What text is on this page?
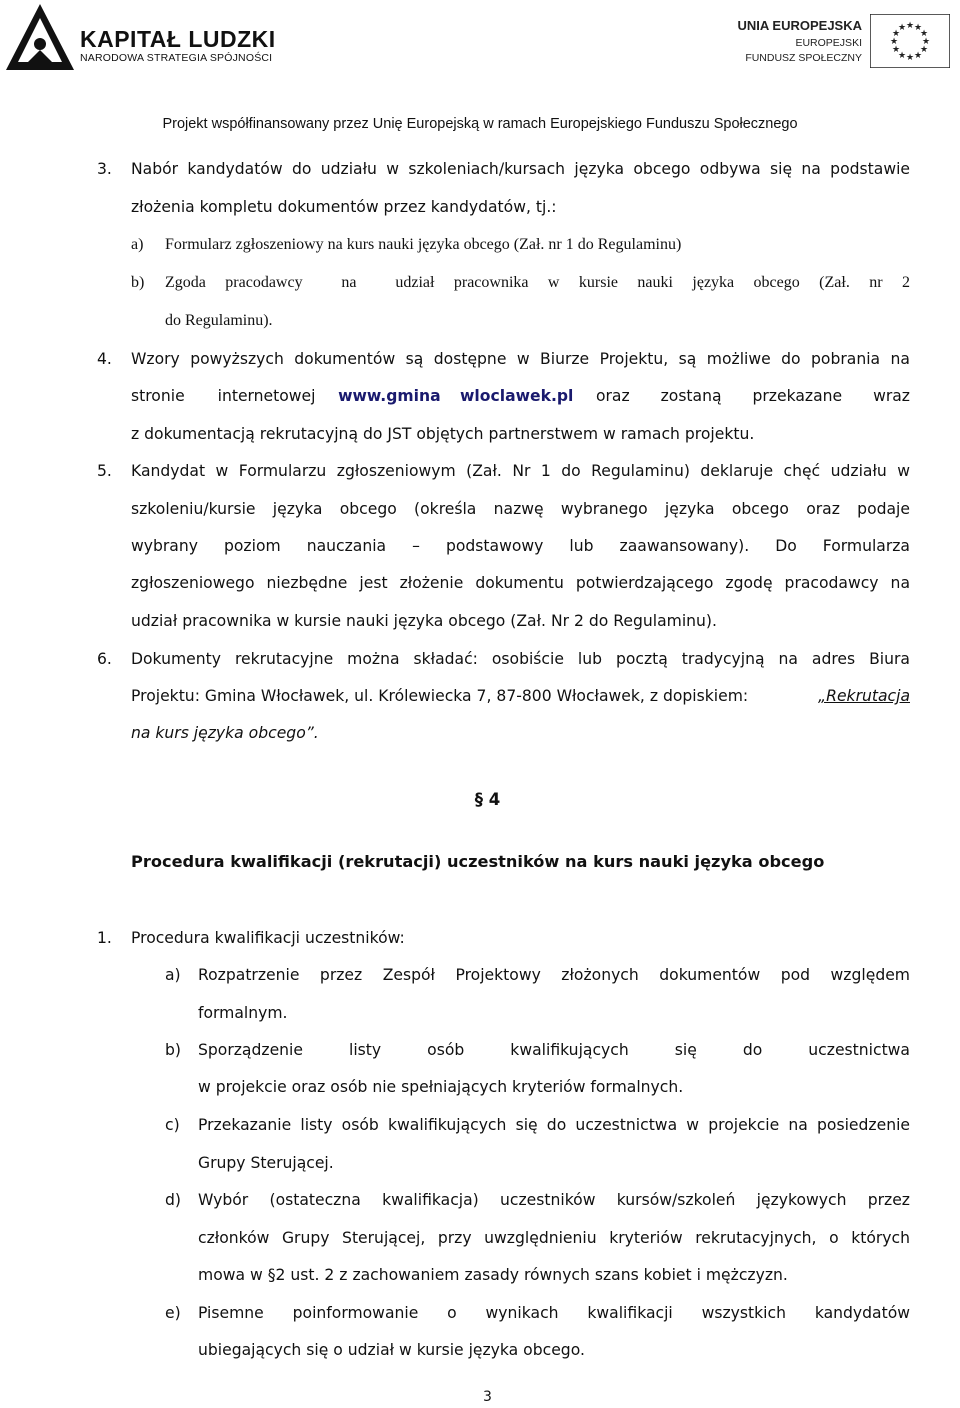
KAPITAŁ LUDZKI
NARODOWA STRATEGIA SPÓJNOŚCI
UNIA EUROPEJSKA
EUROPEJSKI
FUNDUSZ SPOŁECZNY
★ ★
★
★
★
★
★
★
★
★
★
★
Projekt współfinansowany przez Unię Europejską w ramach Europejskiego Funduszu Społecznego
3. Nabór kandydatów do udziału w szkoleniach/kursach języka obcego odbywa się na podstawie
złożenia kompletu dokumentów przez kandydatów, tj.:
a) Formularz zgłoszeniowy na kurs nauki języka obcego (Zał. nr 1 do Regulaminu)
b) Zgoda pracodawcy  na  udział pracownika w kursie nauki języka obcego (Zał. nr 2
do Regulaminu).
4. Wzory powyższych dokumentów są dostępne w Biurze Projektu, są możliwe do pobrania na
stronie internetowej www.gmina wloclawek.pl oraz zostaną przekazane wraz
z dokumentacją rekrutacyjną do JST objętych partnerstwem w ramach projektu.
5. Kandydat w Formularzu zgłoszeniowym (Zał. Nr 1 do Regulaminu) deklaruje chęć udziału w
szkoleniu/kursie języka obcego (określa nazwę wybranego języka obcego oraz podaje
wybrany poziom nauczania – podstawowy lub zaawansowany). Do Formularza
zgłoszeniowego niezbędne jest złożenie dokumentu potwierdzającego zgodę pracodawcy na
udział pracownika w kursie nauki języka obcego (Zał. Nr 2 do Regulaminu).
6. Dokumenty rekrutacyjne można składać: osobiście lub pocztą tradycyjną na adres Biura
Projektu: Gmina Włocławek, ul. Królewiecka 7, 87-800 Włocławek, z dopiskiem:	„Rekrutacja
na kurs języka obcego”.
§ 4
Procedura kwalifikacji (rekrutacji) uczestników na kurs nauki języka obcego
1. Procedura kwalifikacji uczestników:
a) Rozpatrzenie przez Zespół Projektowy złożonych dokumentów pod względem
formalnym.
b) Sporządzenie listy osób kwalifikujących się do uczestnictwa
w projekcie oraz osób nie spełniających kryteriów formalnych.
c) Przekazanie listy osób kwalifikujących się do uczestnictwa w projekcie na posiedzenie
Grupy Sterującej.
d) Wybór (ostateczna kwalifikacja) uczestników kursów/szkoleń językowych przez
członków Grupy Sterującej, przy uwzględnieniu kryteriów rekrutacyjnych, o których
mowa w §2 ust. 2 z zachowaniem zasady równych szans kobiet i mężczyzn.
e) Pisemne poinformowanie o wynikach kwalifikacji wszystkich kandydatów
ubiegających się o udział w kursie języka obcego.
3
